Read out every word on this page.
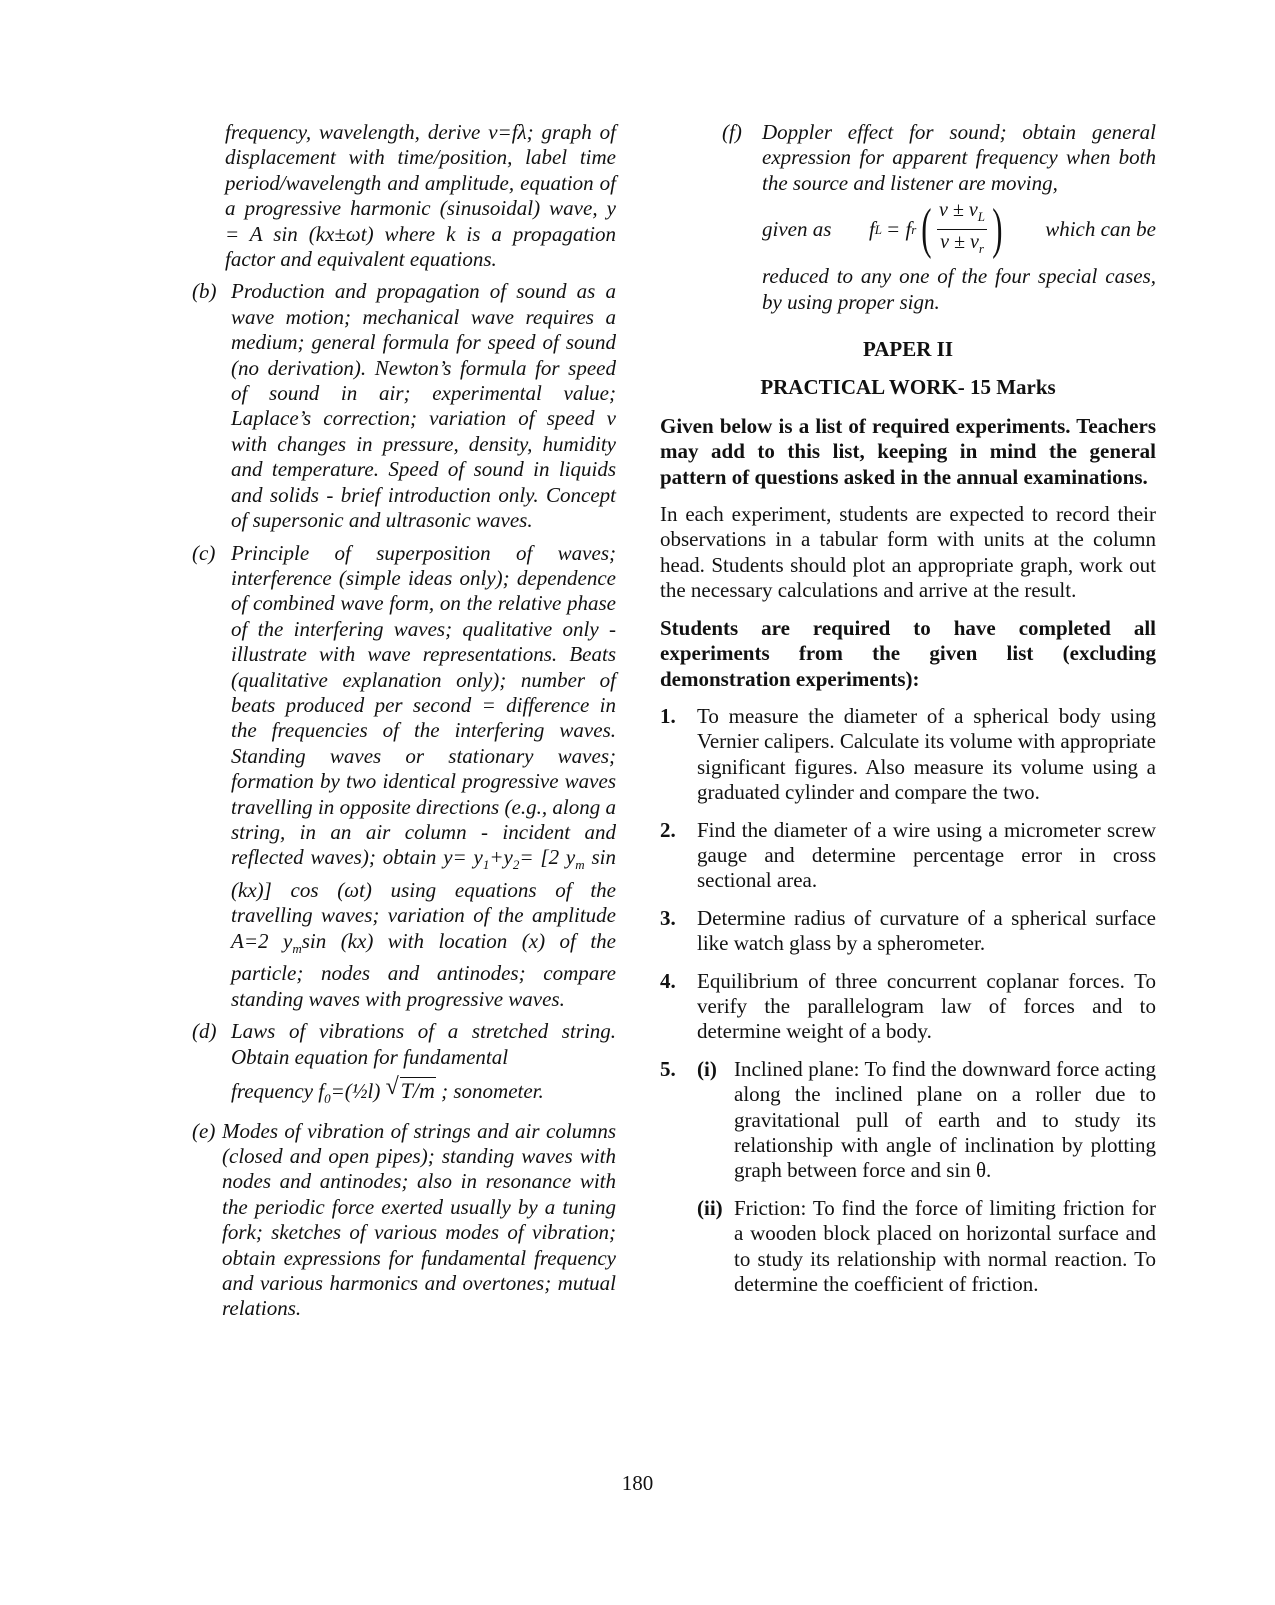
frequency, wavelength, derive v=fλ; graph of displacement with time/position, label time period/wavelength and amplitude, equation of a progressive harmonic (sinusoidal) wave, y = A sin (kx±ωt) where k is a propagation factor and equivalent equations.

(b) Production and propagation of sound as a wave motion; mechanical wave requires a medium; general formula for speed of sound (no derivation). Newton’s formula for speed of sound in air; experimental value; Laplace’s correction; variation of speed v with changes in pressure, density, humidity and temperature. Speed of sound in liquids and solids - brief introduction only. Concept of supersonic and ultrasonic waves.
(c) Principle of superposition of waves; interference (simple ideas only); dependence of combined wave form, on the relative phase of the interfering waves; qualitative only - illustrate with wave representations. Beats (qualitative explanation only); number of beats produced per second = difference in the frequencies of the interfering waves. Standing waves or stationary waves; formation by two identical progressive waves travelling in opposite directions (e.g., along a string, in an air column - incident and reflected waves); obtain $y= y_1+y_2= [2$ $y_m$ sin (kx)] cos (ωt) using equations of the travelling waves; variation of the amplitude A=2 $y_m\sin$ (kx) with location (x) of the particle; nodes and antinodes; compare standing waves with progressive waves.
(d) Laws of vibrations of a stretched string. Obtain equation for fundamental
frequency $f_0=(\frac{1}{2}l)$ √ T/m ; sonometer.
(e) Modes of vibration of strings and air columns (closed and open pipes); standing waves with nodes and antinodes; also in resonance with the periodic force exerted usually by a tuning fork; sketches of various modes of vibration; obtain expressions for fundamental frequency and various harmonics and overtones; mutual relations.
(f) Doppler effect for sound; obtain general expression for apparent frequency when both the source and listener are moving,
given as f L = f r ( $\frac{v \pm v_L}{v \pm v_r}$ ) which can be
reduced to any one of the four special cases, by using proper sign.

PAPER II

PRACTICAL WORK- 15 Marks

Given below is a list of required experiments. Teachers may add to this list, keeping in mind the general pattern of questions asked in the annual examinations.

In each experiment, students are expected to record their observations in a tabular form with units at the column head. Students should plot an appropriate graph, work out the necessary calculations and arrive at the result.

Students are required to have completed all experiments from the given list (excluding demonstration experiments):

1. To measure the diameter of a spherical body using Vernier calipers. Calculate its volume with appropriate significant figures. Also measure its volume using a graduated cylinder and compare the two.
2. Find the diameter of a wire using a micrometer screw gauge and determine percentage error in cross sectional area.
3. Determine radius of curvature of a spherical surface like watch glass by a spherometer.
4. Equilibrium of three concurrent coplanar forces. To verify the parallelogram law of forces and to determine weight of a body.
5. (i) Inclined plane: To find the downward force acting along the inclined plane on a roller due to gravitational pull of earth and to study its relationship with angle of inclination by plotting graph between force and sin θ.
(ii) Friction: To find the force of limiting friction for a wooden block placed on horizontal surface and to study its relationship with normal reaction. To determine the coefficient of friction.
180
